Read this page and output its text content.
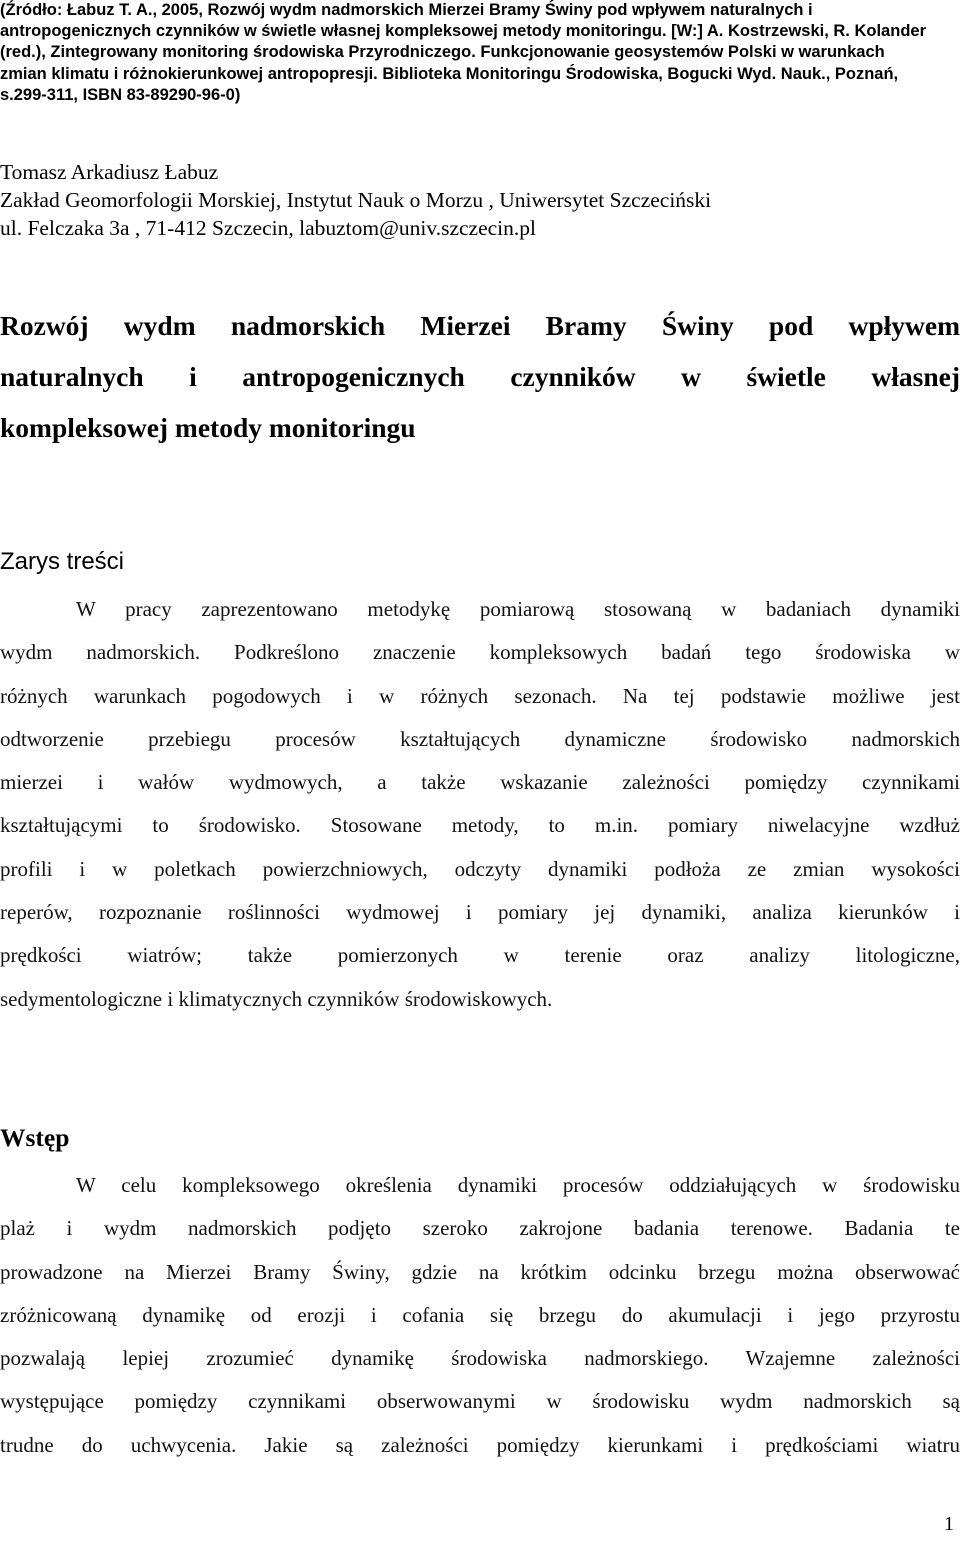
(Źródło: Łabuz T. A., 2005, Rozwój wydm nadmorskich Mierzei Bramy Świny pod wpływem naturalnych i
antropogenicznych czynników w świetle własnej kompleksowej metody monitoringu. [W:] A. Kostrzewski, R. Kolander
(red.), Zintegrowany monitoring środowiska Przyrodniczego. Funkcjonowanie geosystemów Polski w warunkach
zmian klimatu i różnokierunkowej antropopresji. Biblioteka Monitoringu Środowiska, Bogucki Wyd. Nauk., Poznań,
s.299-311, ISBN 83-89290-96-0)
Tomasz Arkadiusz Łabuz
Zakład Geomorfologii Morskiej, Instytut Nauk o Morzu , Uniwersytet Szczeciński
ul. Felczaka 3a , 71-412 Szczecin, labuztom@univ.szczecin.pl
Rozwój wydm nadmorskich Mierzei Bramy Świny pod wpływem
naturalnych i antropogenicznych czynników w świetle własnej
kompleksowej metody monitoringu
Zarys treści
W pracy zaprezentowano metodykę pomiarową stosowaną w badaniach dynamiki
wydm nadmorskich. Podkreślono znaczenie kompleksowych badań tego środowiska w
różnych warunkach pogodowych i w różnych sezonach. Na tej podstawie możliwe jest
odtworzenie przebiegu procesów kształtujących dynamiczne środowisko nadmorskich
mierzei i wałów wydmowych, a także wskazanie zależności pomiędzy czynnikami
kształtującymi to środowisko. Stosowane metody, to m.in. pomiary niwelacyjne wzdłuż
profili i w poletkach powierzchniowych, odczyty dynamiki podłoża ze zmian wysokości
reperów, rozpoznanie roślinności wydmowej i pomiary jej dynamiki, analiza kierunków i
prędkości wiatrów; także pomierzonych w terenie oraz analizy litologiczne,
sedymentologiczne i klimatycznych czynników środowiskowych.
Wstęp
W celu kompleksowego określenia dynamiki procesów oddziałujących w środowisku
plaż i wydm nadmorskich podjęto szeroko zakrojone badania terenowe. Badania te
prowadzone na Mierzei Bramy Świny, gdzie na krótkim odcinku brzegu można obserwować
zróżnicowaną dynamikę od erozji i cofania się brzegu do akumulacji i jego przyrostu
pozwalają lepiej zrozumieć dynamikę środowiska nadmorskiego. Wzajemne zależności
występujące pomiędzy czynnikami obserwowanymi w środowisku wydm nadmorskich są
trudne do uchwycenia. Jakie są zależności pomiędzy kierunkami i prędkościami wiatru
1
